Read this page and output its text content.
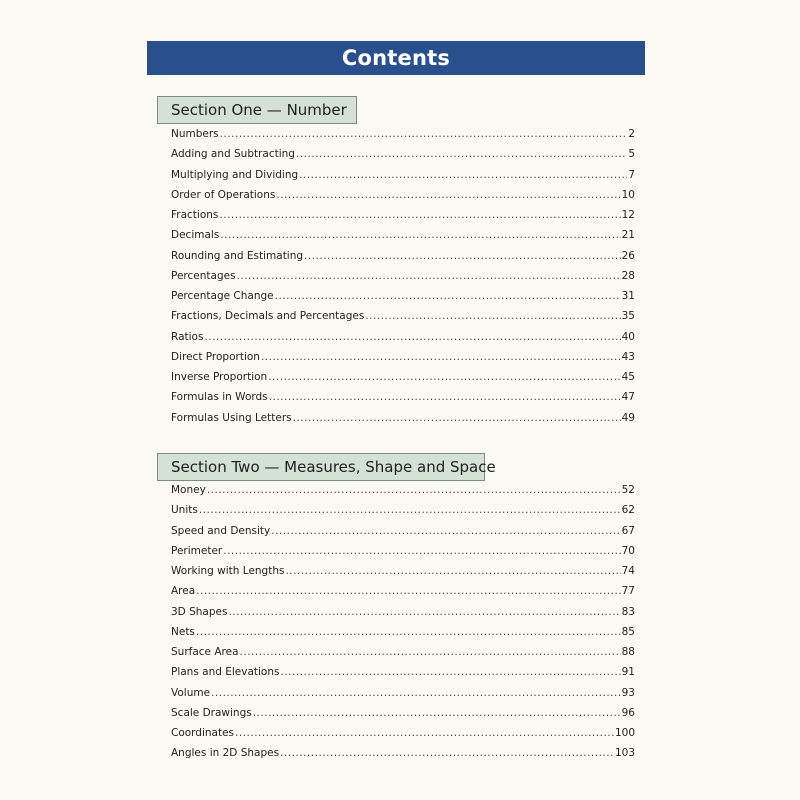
Contents
Section One — Number
Numbers .....	2
Adding and Subtracting .....	5
Multiplying and Dividing .....	7
Order of Operations .....	10
Fractions .....	12
Decimals .....	21
Rounding and Estimating .....	26
Percentages .....	28
Percentage Change .....	31
Fractions, Decimals and Percentages .....	35
Ratios .....	40
Direct Proportion .....	43
Inverse Proportion .....	45
Formulas in Words .....	47
Formulas Using Letters .....	49
Section Two — Measures, Shape and Space
Money .....	52
Units .....	62
Speed and Density .....	67
Perimeter .....	70
Working with Lengths .....	74
Area .....	77
3D Shapes .....	83
Nets .....	85
Surface Area .....	88
Plans and Elevations .....	91
Volume .....	93
Scale Drawings .....	96
Coordinates .....	100
Angles in 2D Shapes .....	103
